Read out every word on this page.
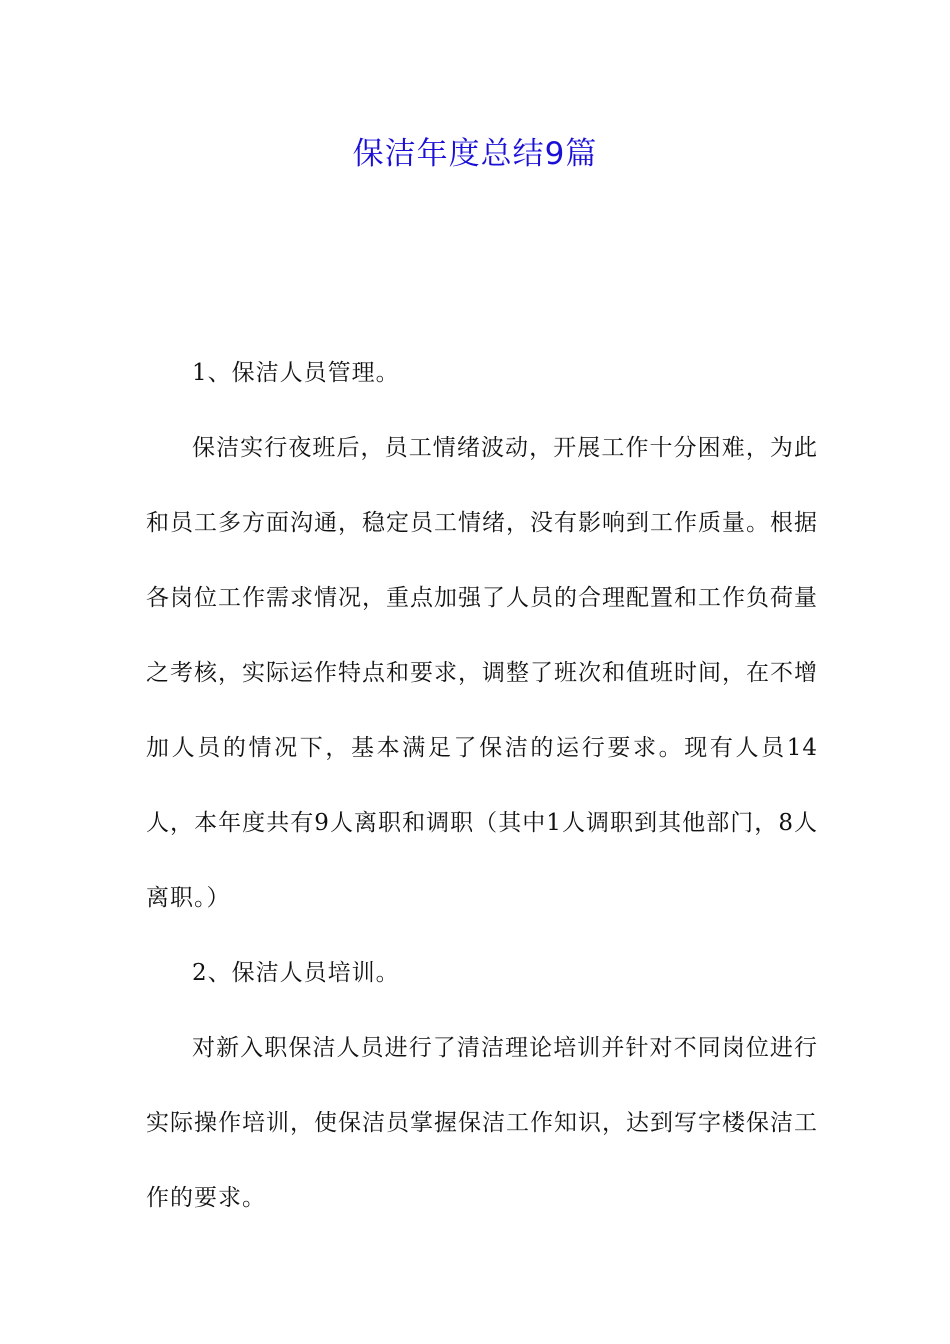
保洁年度总结9篇

1、保洁人员管理。

保洁实行夜班后，员工情绪波动，开展工作十分困难，为此和员工多方面沟通，稳定员工情绪，没有影响到工作质量。根据各岗位工作需求情况，重点加强了人员的合理配置和工作负荷量之考核，实际运作特点和要求，调整了班次和值班时间，在不增加人员的情况下，基本满足了保洁的运行要求。现有人员14人，本年度共有9人离职和调职（其中1人调职到其他部门，8人离职。）

2、保洁人员培训。

对新入职保洁人员进行了清洁理论培训并针对不同岗位进行实际操作培训，使保洁员掌握保洁工作知识，达到写字楼保洁工作的要求。
